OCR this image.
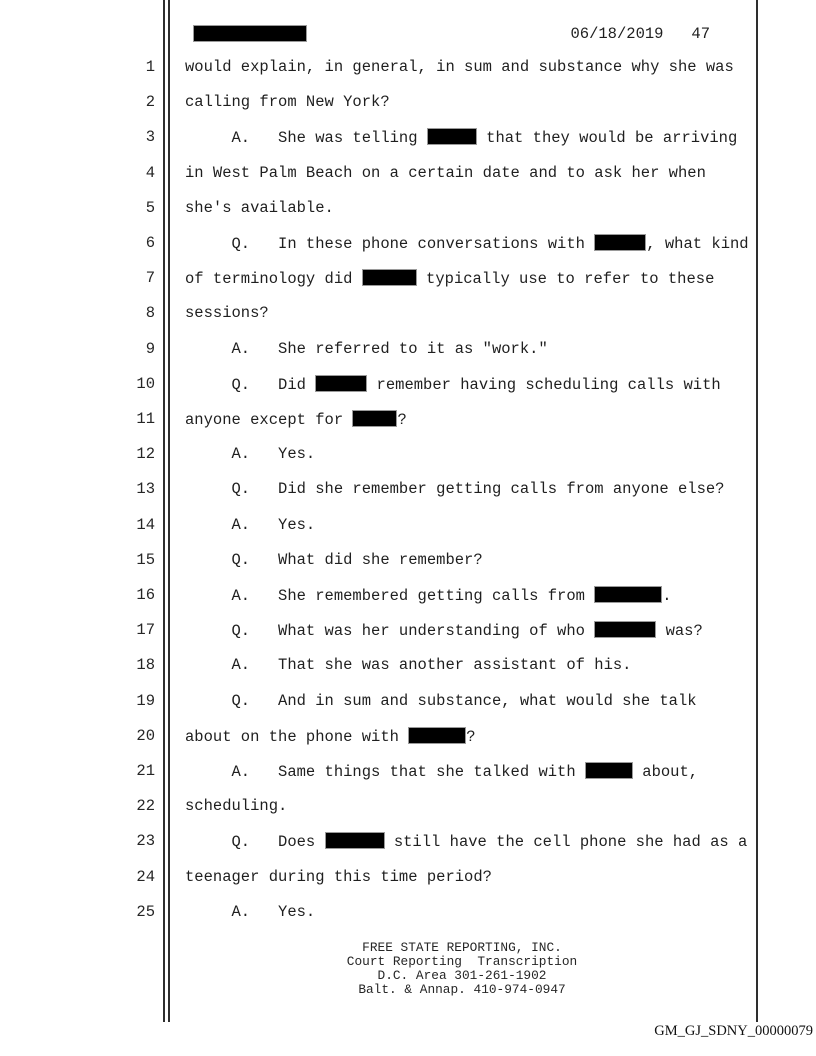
06/18/2019   47
1 would explain, in general, in sum and substance why she was
2 calling from New York?
3 A.   She was telling	that they would be arriving
4 in West Palm Beach on a certain date and to ask her when
5 she's available.
6 Q.   In these phone conversations with	, what kind
7 of terminology did	typically use to refer to these
8 sessions?
9 A.   She referred to it as "work."
10 Q.   Did	remember having scheduling calls with
11 anyone except for	?
12 A.   Yes.
13 Q.   Did she remember getting calls from anyone else?
14 A.   Yes.
15 Q.   What did she remember?
16 A.   She remembered getting calls from	.
17 Q.   What was her understanding of who	was?
18 A.   That she was another assistant of his.
19 Q.   And in sum and substance, what would she talk
20 about on the phone with	?
21 A.   Same things that she talked with	about,
22 scheduling.
23 Q.   Does	still have the cell phone she had as a
24 teenager during this time period?
25 A.   Yes.
FREE STATE REPORTING, INC.
Court Reporting  Transcription
D.C. Area 301-261-1902
Balt. & Annap. 410-974-0947
GM_GJ_SDNY_00000079
